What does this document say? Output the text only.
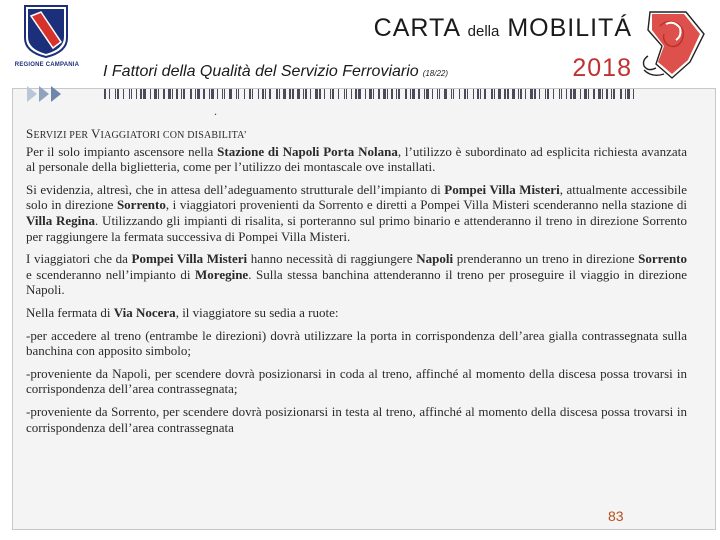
REGIONE CAMPANIA
CARTA della MOBILITÁ
I Fattori della Qualità del Servizio Ferroviario (18/22)	2018
.
SERVIZI PER VIAGGIATORI CON DISABILITA’

Per il solo impianto ascensore nella Stazione di Napoli Porta Nolana, l’utilizzo è subordinato ad esplicita richiesta avanzata al personale della biglietteria, come per l’utilizzo dei montascale ove installati.

Si evidenzia, altresì, che in attesa dell’adeguamento strutturale dell’impianto di Pompei Villa Misteri, attualmente accessibile solo in direzione Sorrento, i viaggiatori provenienti da Sorrento e diretti a Pompei Villa Misteri scenderanno nella stazione di Villa Regina. Utilizzando gli impianti di risalita, si porteranno sul primo binario e attenderanno il treno in direzione Sorrento per raggiungere la fermata successiva di Pompei Villa Misteri.

I viaggiatori che da Pompei Villa Misteri hanno necessità di raggiungere Napoli prenderanno un treno in direzione Sorrento e scenderanno nell’impianto di Moregine. Sulla stessa banchina attenderanno il treno per proseguire il viaggio in direzione Napoli.

Nella fermata di Via Nocera, il viaggiatore su sedia a ruote:

-per accedere al treno (entrambe le direzioni) dovrà utilizzare la porta in corrispondenza dell’area gialla contrassegnata sulla banchina con apposito simbolo;

-proveniente da Napoli, per scendere dovrà posizionarsi in coda al treno, affinché al momento della discesa possa trovarsi in corrispondenza dell’area contrassegnata;

-proveniente da Sorrento, per scendere dovrà posizionarsi in testa al treno, affinché al momento della discesa possa trovarsi in corrispondenza dell’area contrassegnata

83
